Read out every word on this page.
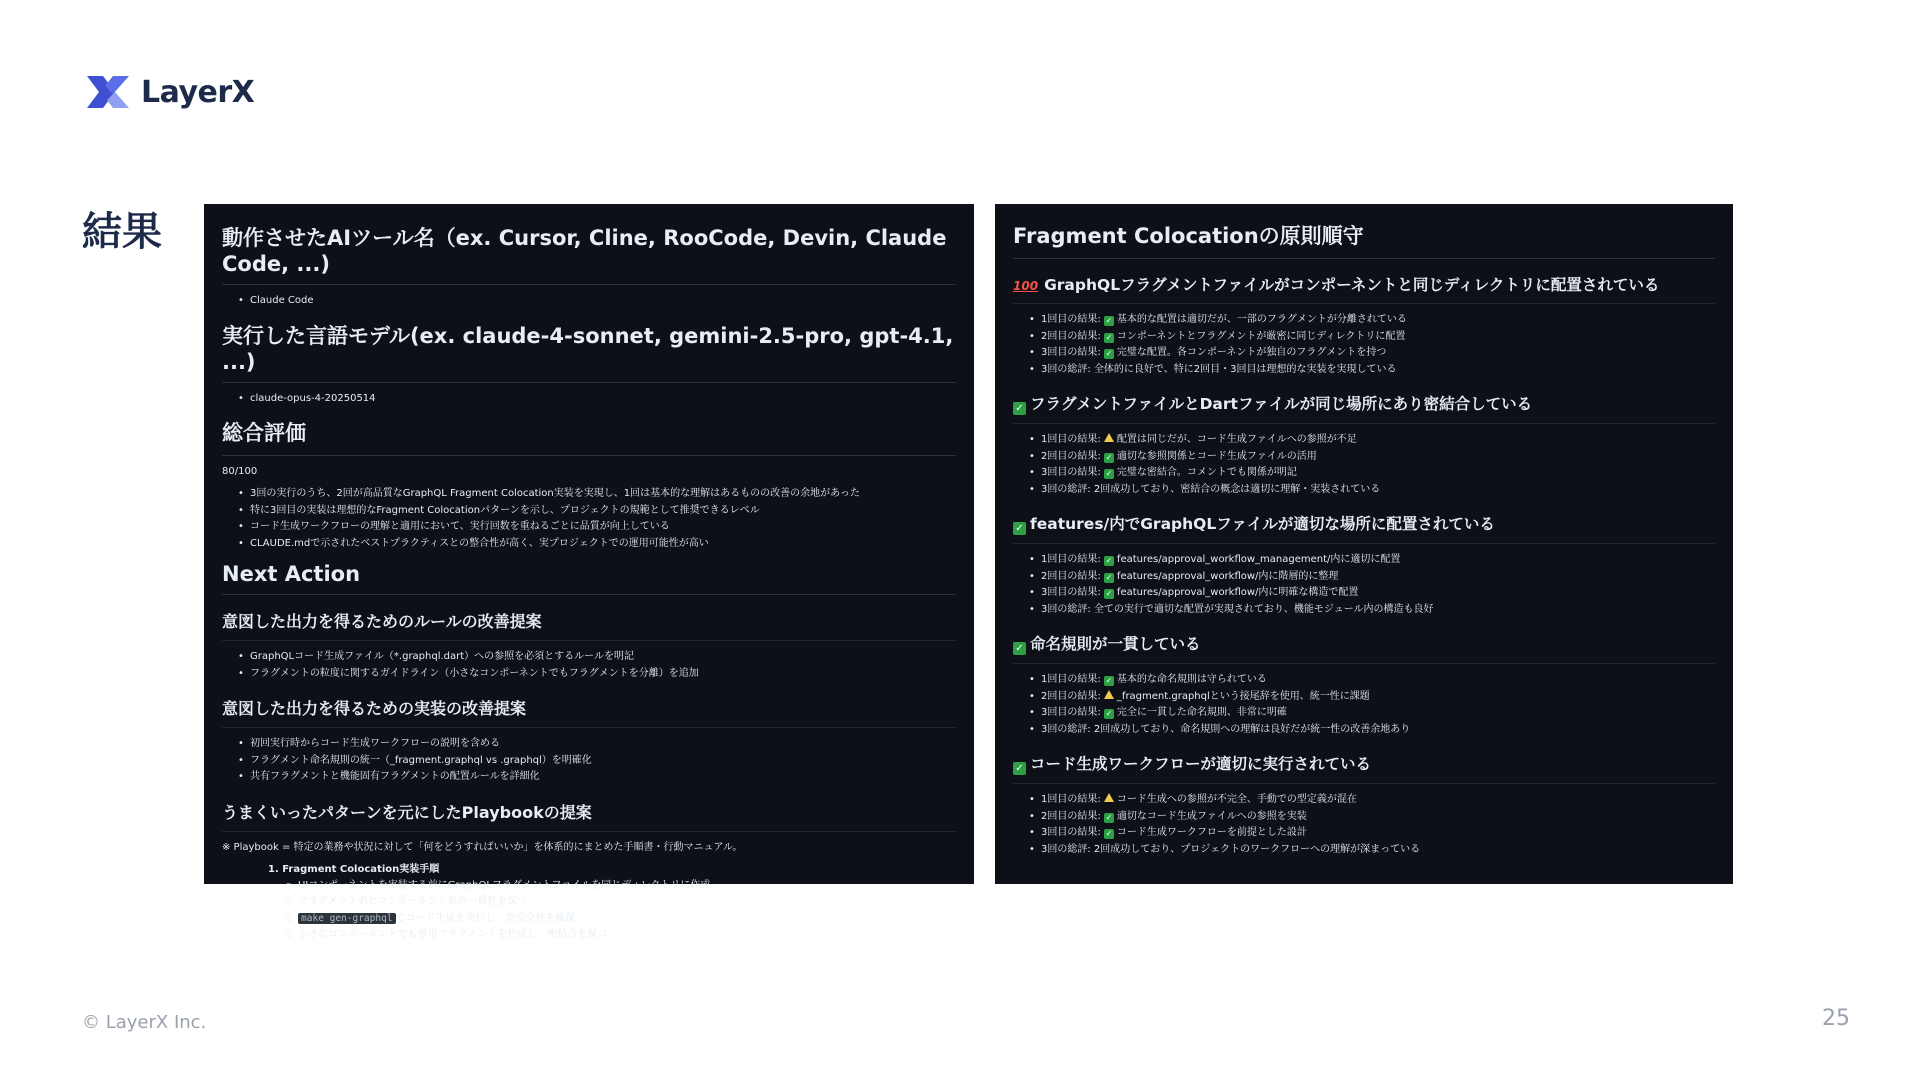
LayerX
結果	動作させたAIツール名（ex. Cursor, Cline, RooCode, Devin, Claude Code, ...)
• Claude Code
実行した言語モデル(ex. claude-4-sonnet, gemini-2.5-pro, gpt-4.1, ...)
• claude-opus-4-20250514
総合評価
80/100
• 3回の実行のうち、2回が高品質なGraphQL Fragment Colocation実装を実現し、1回は基本的な理解はあるものの改善の余地があった
• 特に3回目の実装は理想的なFragment Colocationパターンを示し、プロジェクトの規範として推奨できるレベル
• コード生成ワークフローの理解と適用において、実行回数を重ねるごとに品質が向上している
• CLAUDE.mdで示されたベストプラクティスとの整合性が高く、実プロジェクトでの運用可能性が高い
Next Action
意図した出力を得るためのルールの改善提案
• GraphQLコード生成ファイル（*.graphql.dart）への参照を必須とするルールを明記
• フラグメントの粒度に関するガイドライン（小さなコンポーネントでもフラグメントを分離）を追加
意図した出力を得るための実装の改善提案
• 初回実行時からコード生成ワークフローの説明を含める
• フラグメント命名規則の統一（_fragment.graphql vs .graphql）を明確化
• 共有フラグメントと機能固有フラグメントの配置ルールを詳細化
うまくいったパターンを元にしたPlaybookの提案
※ Playbook = 特定の業務や状況に対して「何をどうすればいいか」を体系的にまとめた手順書・行動マニュアル。
1. Fragment Colocation実装手順
○ UIコンポーネントを実装する前にGraphQLフラグメントファイルを同じディレクトリに作成
○ フラグメント名とコンポーネント名の一貫性を保つ
○ make gen-graphql でコード生成を実行し、型安全性を確保
○ 小さなコンポーネントでも専用フラグメントを作成し、密結合を保つ
Fragment Colocationの原則順守
100 GraphQLフラグメントファイルがコンポーネントと同じディレクトリに配置されている
• 1回目の結果: ✓ 基本的な配置は適切だが、一部のフラグメントが分離されている
• 2回目の結果: ✓ コンポーネントとフラグメントが厳密に同じディレクトリに配置
• 3回目の結果: ✓ 完璧な配置。各コンポーネントが独自のフラグメントを持つ
• 3回の総評: 全体的に良好で、特に2回目・3回目は理想的な実装を実現している
✓ フラグメントファイルとDartファイルが同じ場所にあり密結合している
• 1回目の結果: 配置は同じだが、コード生成ファイルへの参照が不足
• 2回目の結果: ✓ 適切な参照関係とコード生成ファイルの活用
• 3回目の結果: ✓ 完璧な密結合。コメントでも関係が明記
• 3回の総評: 2回成功しており、密結合の概念は適切に理解・実装されている
✓ features/内でGraphQLファイルが適切な場所に配置されている
• 1回目の結果: ✓ features/approval_workflow_management/内に適切に配置
• 2回目の結果: ✓ features/approval_workflow/内に階層的に整理
• 3回目の結果: ✓ features/approval_workflow/内に明確な構造で配置
• 3回の総評: 全ての実行で適切な配置が実現されており、機能モジュール内の構造も良好
✓ 命名規則が一貫している
• 1回目の結果: ✓ 基本的な命名規則は守られている
• 2回目の結果: _fragment.graphqlという接尾辞を使用、統一性に課題
• 3回目の結果: ✓ 完全に一貫した命名規則、非常に明確
• 3回の総評: 2回成功しており、命名規則への理解は良好だが統一性の改善余地あり
✓ コード生成ワークフローが適切に実行されている
• 1回目の結果: コード生成への参照が不完全、手動での型定義が混在
• 2回目の結果: ✓ 適切なコード生成ファイルへの参照を実装
• 3回目の結果: ✓ コード生成ワークフローを前提とした設計
• 3回の総評: 2回成功しており、プロジェクトのワークフローへの理解が深まっている
© LayerX Inc.	25
